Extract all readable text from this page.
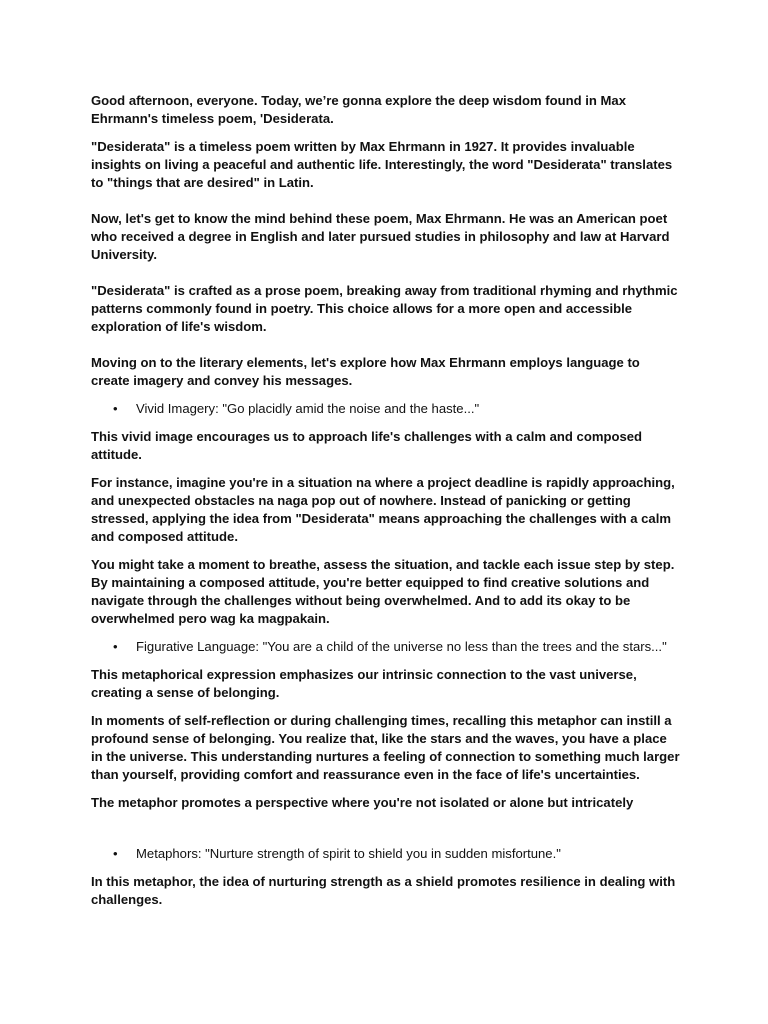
Good afternoon, everyone. Today, we’re gonna explore the deep wisdom found in Max Ehrmann's timeless poem, 'Desiderata.

"Desiderata" is a timeless poem written by Max Ehrmann in 1927. It provides invaluable insights on living a peaceful and authentic life. Interestingly, the word "Desiderata" translates to "things that are desired" in Latin.

Now, let's get to know the mind behind these poem, Max Ehrmann. He was an American poet who received a degree in English and later pursued studies in philosophy and law at Harvard University.

"Desiderata" is crafted as a prose poem, breaking away from traditional rhyming and rhythmic patterns commonly found in poetry. This choice allows for a more open and accessible exploration of life's wisdom.

Moving on to the literary elements, let's explore how Max Ehrmann employs language to create imagery and convey his messages.

• Vivid Imagery: "Go placidly amid the noise and the haste..."

This vivid image encourages us to approach life's challenges with a calm and composed attitude.

For instance, imagine you're in a situation na where a project deadline is rapidly approaching, and unexpected obstacles na naga pop out of nowhere. Instead of panicking or getting stressed, applying the idea from "Desiderata" means approaching the challenges with a calm and composed attitude.

You might take a moment to breathe, assess the situation, and tackle each issue step by step. By maintaining a composed attitude, you're better equipped to find creative solutions and navigate through the challenges without being overwhelmed. And to add its okay to be overwhelmed pero wag ka magpakain.

• Figurative Language: "You are a child of the universe no less than the trees and the stars..."

This metaphorical expression emphasizes our intrinsic connection to the vast universe, creating a sense of belonging.

In moments of self-reflection or during challenging times, recalling this metaphor can instill a profound sense of belonging. You realize that, like the stars and the waves, you have a place in the universe. This understanding nurtures a feeling of connection to something much larger than yourself, providing comfort and reassurance even in the face of life's uncertainties.

The metaphor promotes a perspective where you're not isolated or alone but intricately

• Metaphors: "Nurture strength of spirit to shield you in sudden misfortune."

In this metaphor, the idea of nurturing strength as a shield promotes resilience in dealing with challenges.
